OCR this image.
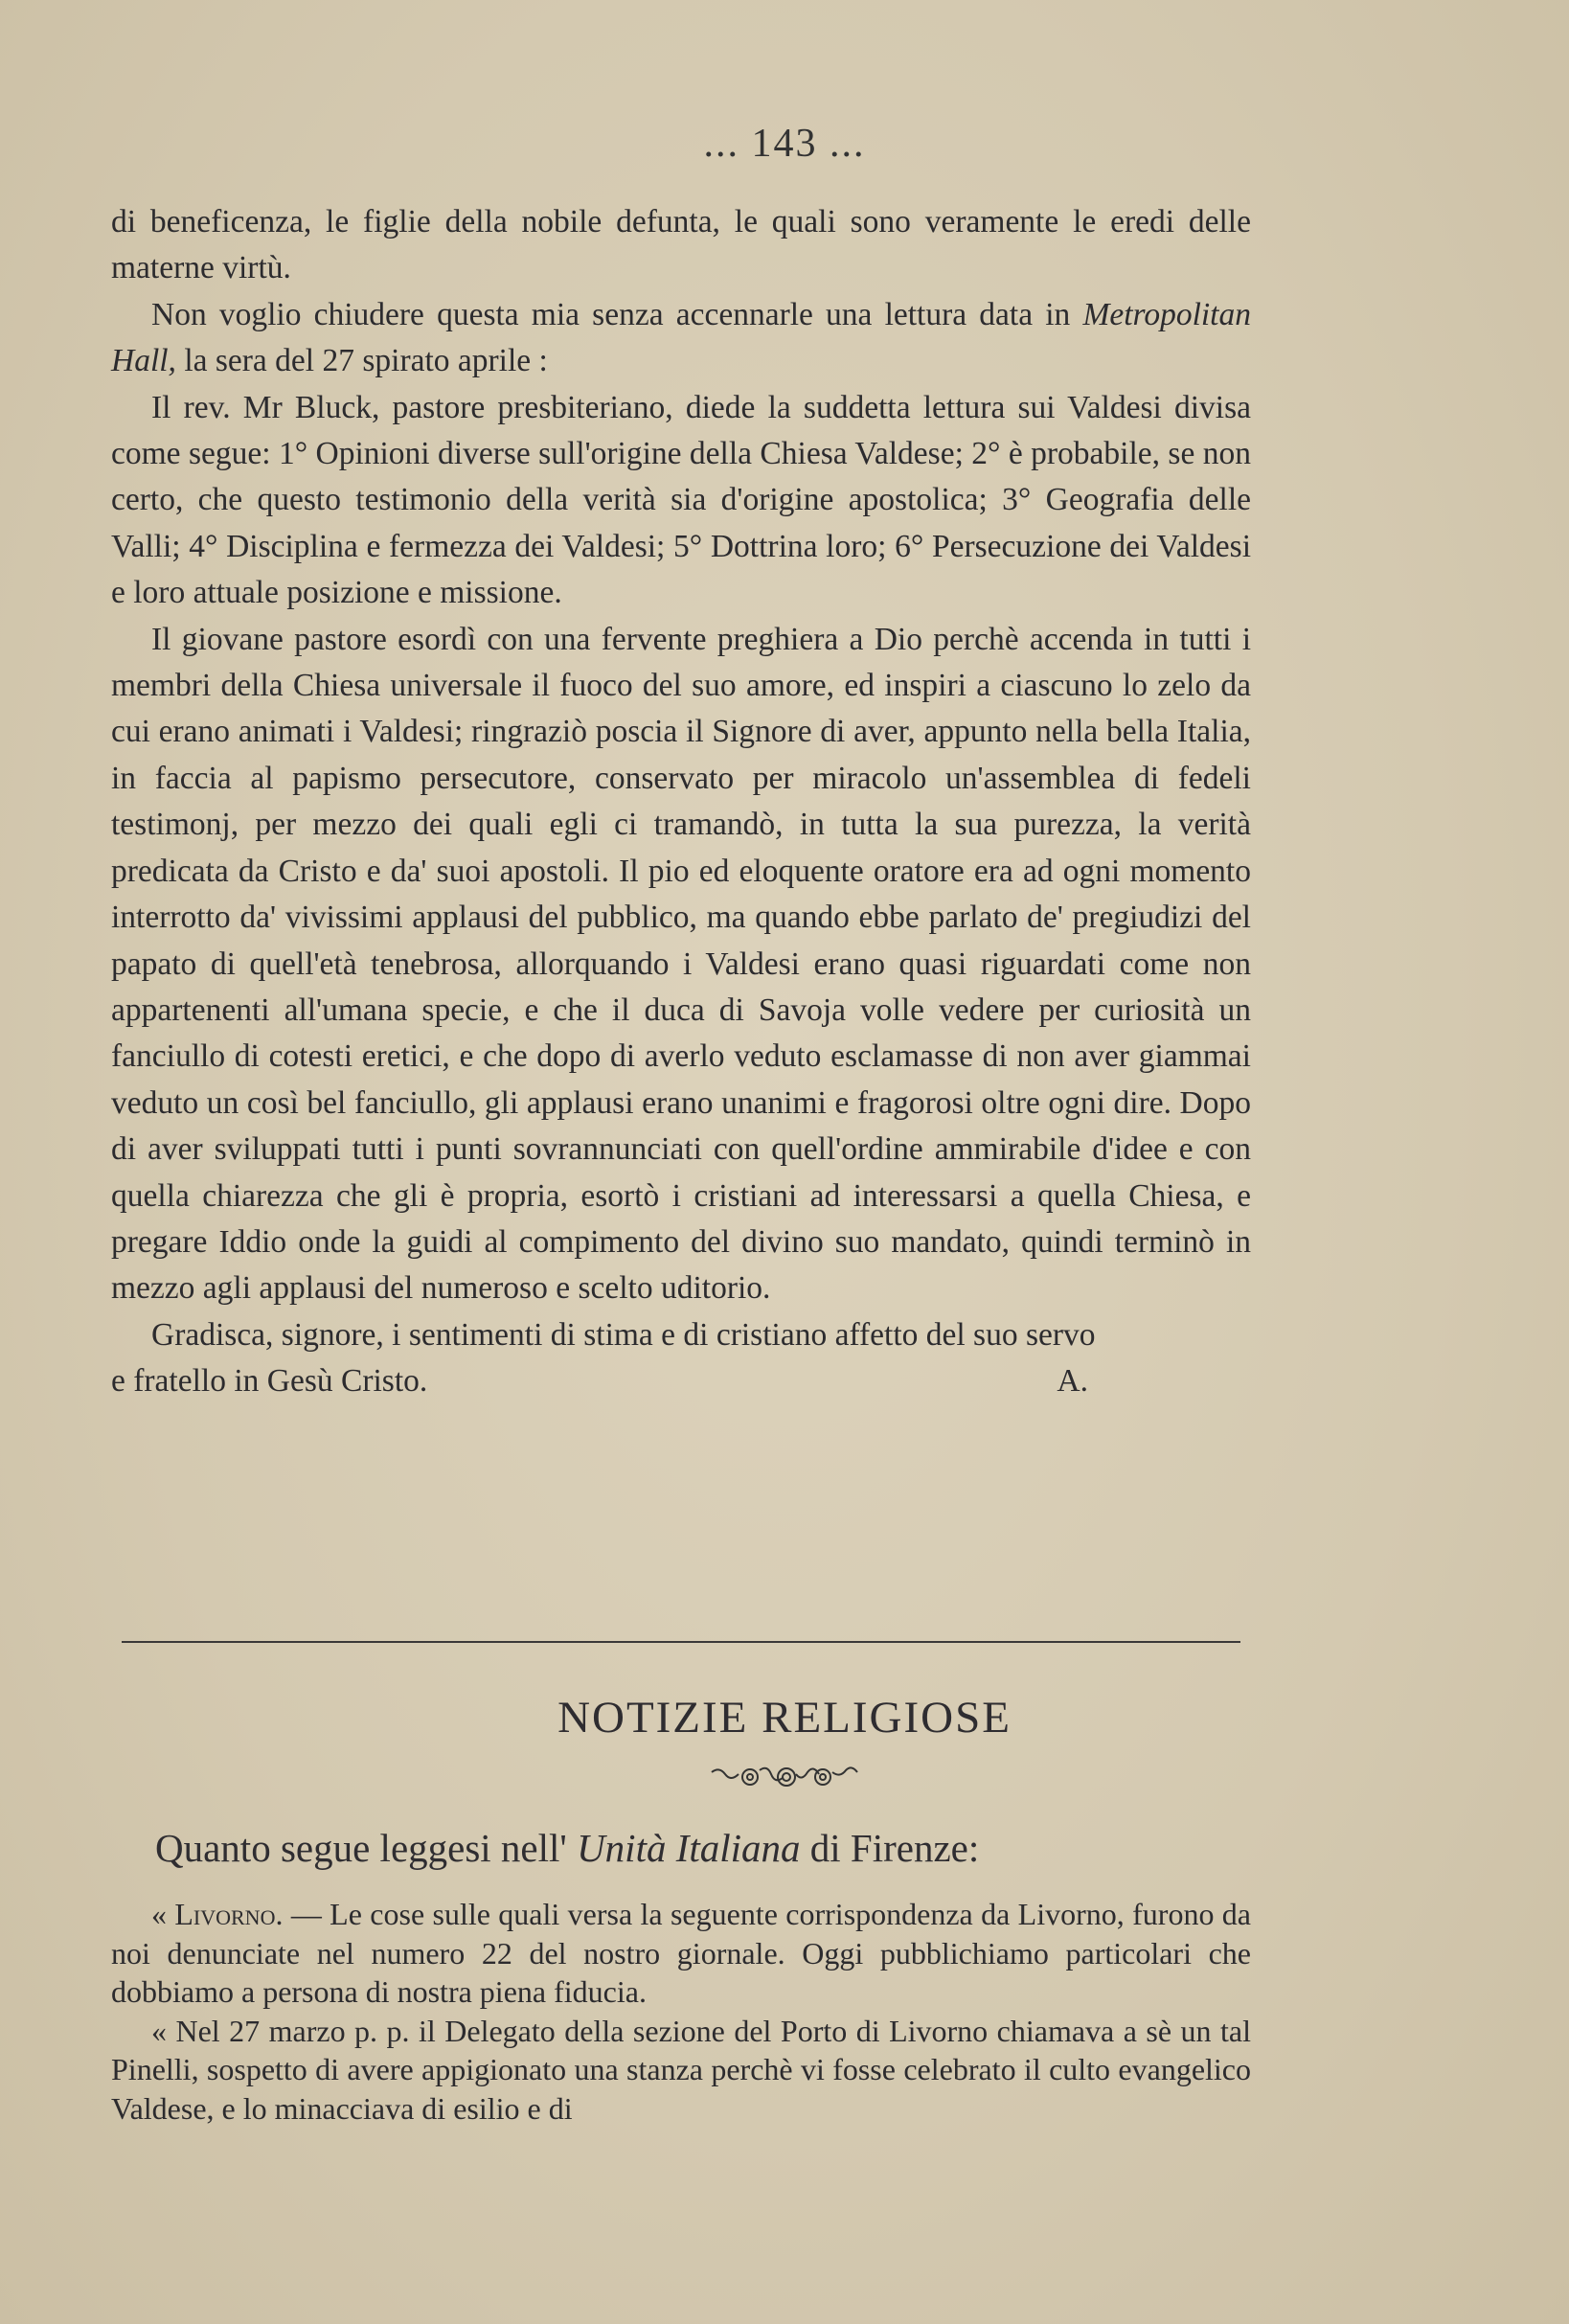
... 143 ...

di beneficenza, le figlie della nobile defunta, le quali sono veramente le eredi delle materne virtù.

Non voglio chiudere questa mia senza accennarle una lettura data in Metropolitan Hall, la sera del 27 spirato aprile :

Il rev. Mr Bluck, pastore presbiteriano, diede la suddetta lettura sui Valdesi divisa come segue: 1° Opinioni diverse sull'origine della Chiesa Valdese; 2° è probabile, se non certo, che questo testimonio della verità sia d'origine apostolica; 3° Geografia delle Valli; 4° Disciplina e fermezza dei Valdesi; 5° Dottrina loro; 6° Persecuzione dei Valdesi e loro attuale posizione e missione.

Il giovane pastore esordì con una fervente preghiera a Dio perchè accenda in tutti i membri della Chiesa universale il fuoco del suo amore, ed inspiri a ciascuno lo zelo da cui erano animati i Valdesi; ringraziò poscia il Signore di aver, appunto nella bella Italia, in faccia al papismo persecutore, conservato per miracolo un'assemblea di fedeli testimonj, per mezzo dei quali egli ci tramandò, in tutta la sua purezza, la verità predicata da Cristo e da' suoi apostoli. Il pio ed eloquente oratore era ad ogni momento interrotto da' vivissimi applausi del pubblico, ma quando ebbe parlato de' pregiudizi del papato di quell'età tenebrosa, allorquando i Valdesi erano quasi riguardati come non appartenenti all'umana specie, e che il duca di Savoja volle vedere per curiosità un fanciullo di cotesti eretici, e che dopo di averlo veduto esclamasse di non aver giammai veduto un così bel fanciullo, gli applausi erano unanimi e fragorosi oltre ogni dire. Dopo di aver sviluppati tutti i punti sovrannunciati con quell'ordine ammirabile d'idee e con quella chiarezza che gli è propria, esortò i cristiani ad interessarsi a quella Chiesa, e pregare Iddio onde la guidi al compimento del divino suo mandato, quindi terminò in mezzo agli applausi del numeroso e scelto uditorio.

Gradisca, signore, i sentimenti di stima e di cristiano affetto del suo servo

e fratello in Gesù Cristo.	A.
NOTIZIE RELIGIOSE
Quanto segue leggesi nell' Unità Italiana di Firenze:

« Livorno. — Le cose sulle quali versa la seguente corrispondenza da Livorno, furono da noi denunciate nel numero 22 del nostro giornale. Oggi pubblichiamo particolari che dobbiamo a persona di nostra piena fiducia.

« Nel 27 marzo p. p. il Delegato della sezione del Porto di Livorno chiamava a sè un tal Pinelli, sospetto di avere appigionato una stanza perchè vi fosse celebrato il culto evangelico Valdese, e lo minacciava di esilio e di
